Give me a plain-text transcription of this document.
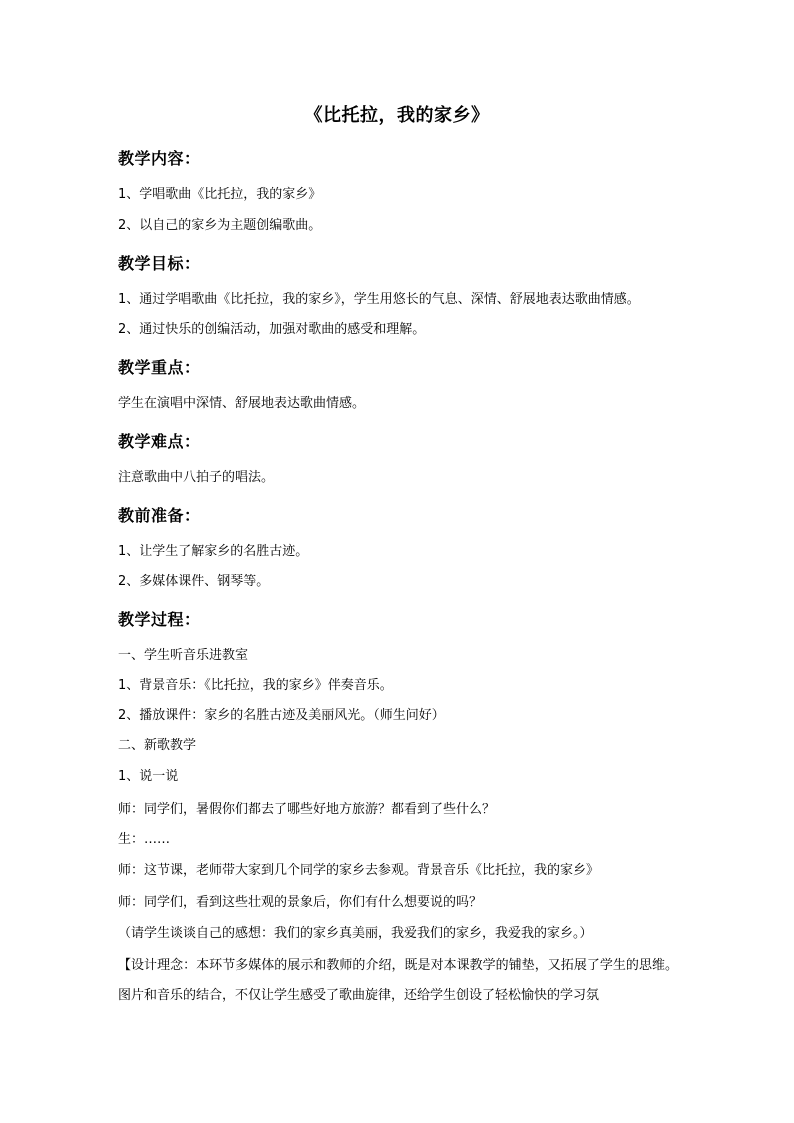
《比托拉，我的家乡》
教学内容：
1、学唱歌曲《比托拉，我的家乡》
2、以自己的家乡为主题创编歌曲。
教学目标：
1、通过学唱歌曲《比托拉，我的家乡》，学生用悠长的气息、深情、舒展地表达歌曲情感。
2、通过快乐的创编活动，加强对歌曲的感受和理解。
教学重点：
学生在演唱中深情、舒展地表达歌曲情感。
教学难点：
注意歌曲中八拍子的唱法。
教前准备：
1、让学生了解家乡的名胜古迹。
2、多媒体课件、钢琴等。
教学过程：
一、学生听音乐进教室
1、背景音乐：《比托拉，我的家乡》伴奏音乐。
2、播放课件：家乡的名胜古迹及美丽风光。（师生问好）
二、新歌教学
1、说一说
师：同学们，暑假你们都去了哪些好地方旅游？都看到了些什么？
生：……
师：这节课，老师带大家到几个同学的家乡去参观。背景音乐《比托拉，我的家乡》
师：同学们，看到这些壮观的景象后，你们有什么想要说的吗？
（请学生谈谈自己的感想：我们的家乡真美丽，我爱我们的家乡，我爱我的家乡。）
【设计理念：本环节多媒体的展示和教师的介绍，既是对本课教学的铺垫，又拓展了学生的思维。图片和音乐的结合，不仅让学生感受了歌曲旋律，还给学生创设了轻松愉快的学习氛
